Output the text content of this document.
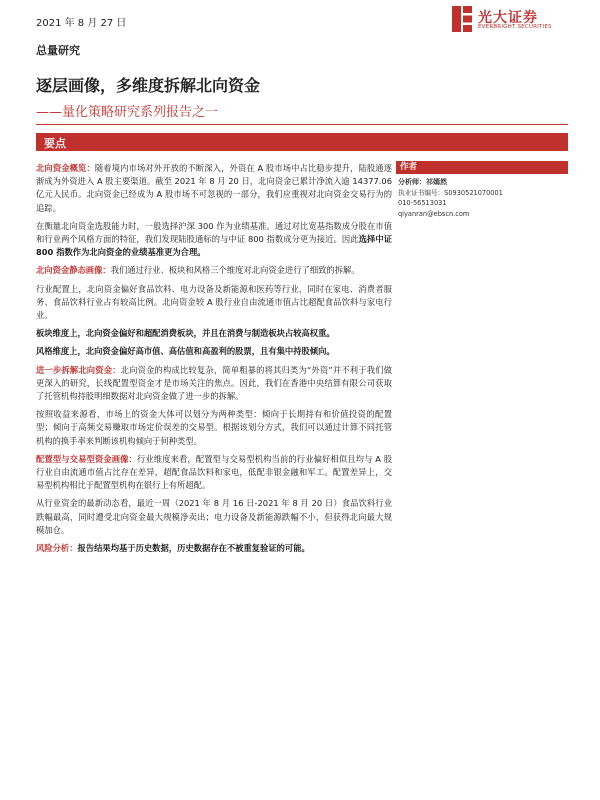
2021 年 8 月 27 日	光大证券
EVERBRIGHT SECURITIES
总量研究
逐层画像，多维度拆解北向资金
——量化策略研究系列报告之一
要点

北向资金概览：随着境内市场对外开放的不断深入，外资在 A 股市场中占比稳步提升，陆股通逐渐成为外资进入 A 股主要渠道。截至 2021 年 8 月 20 日，北向资金已累计净流入逾 14377.06 亿元人民币。北向资金已经成为 A 股市场不可忽视的一部分，我们应重视对北向资金交易行为的追踪。

在衡量北向资金选股能力时，一般选择沪深 300 作为业绩基准。通过对比宽基指数成分股在市值和行业两个风格方面的特征，我们发现陆股通标的与中证 800 指数成分更为接近。因此选择中证 800 指数作为北向资金的业绩基准更为合理。

北向资金静态画像：我们通过行业、板块和风格三个维度对北向资金进行了细致的拆解。

行业配置上，北向资金偏好食品饮料、电力设备及新能源和医药等行业，同时在家电、消费者服务、食品饮料行业占有较高比例。北向资金较 A 股行业自由流通市值占比超配食品饮料与家电行业。

板块维度上，北向资金偏好和超配消费板块，并且在消费与制造板块占较高权重。

风格维度上，北向资金偏好高市值、高估值和高盈利的股票，且有集中持股倾向。

进一步拆解北向资金：北向资金的构成比较复杂，简单粗暴的将其归类为“外资”并不利于我们做更深入的研究，长线配置型资金才是市场关注的焦点。因此，我们在香港中央结算有限公司获取了托管机构持股明细数据对北向资金做了进一步的拆解。

按照收益来源看，市场上的资金大体可以划分为两种类型：倾向于长期持有和价值投资的配置型；倾向于高频交易赚取市场定价误差的交易型。根据该划分方式，我们可以通过计算不同托管机构的换手率来判断该机构倾向于何种类型。

配置型与交易型资金画像：行业维度来看，配置型与交易型机构当前的行业偏好相似且均与 A 股行业自由流通市值占比存在差异，超配食品饮料和家电，低配非银金融和军工。配置差异上，交易型机构相比于配置型机构在银行上有所超配。

从行业资金的最新动态看，最近一周（2021 年 8 月 16 日-2021 年 8 月 20 日）食品饮料行业跌幅最高，同时遭受北向资金最大规模净卖出；电力设备及新能源跌幅不小，但获得北向最大规模加仓。

风险分析：报告结果均基于历史数据，历史数据存在不被重复验证的可能。

作者
分析师：祁嫣然
执业证书编号：S0930521070001
010-56513031
qiyanran@ebscn.com
